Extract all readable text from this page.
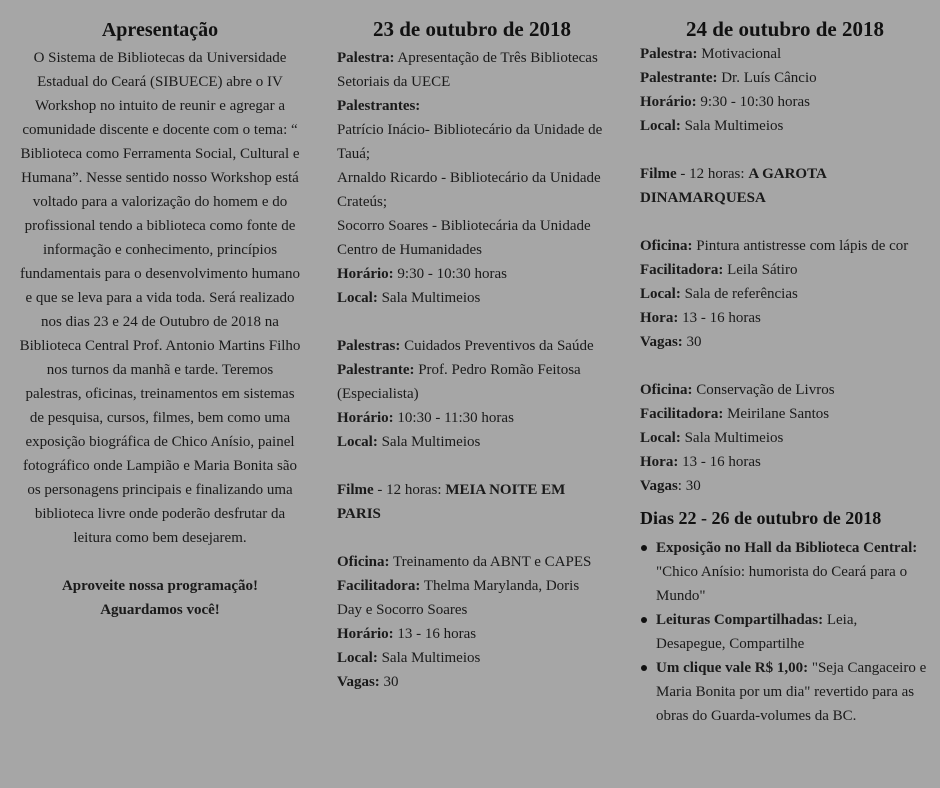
Apresentação

O Sistema de Bibliotecas da Universidade Estadual do Ceará (SIBUECE) abre o IV Workshop no intuito de reunir e agregar a comunidade discente e docente com o tema: “ Biblioteca como Ferramenta Social, Cultural e Humana”. Nesse sentido nosso Workshop está voltado para a valorização do homem e do profissional tendo a biblioteca como fonte de informação e conhecimento, princípios fundamentais para o desenvolvimento humano e que se leva para a vida toda. Será realizado nos dias 23 e 24 de Outubro de 2018 na Biblioteca Central Prof. Antonio Martins Filho nos turnos da manhã e tarde. Teremos palestras, oficinas, treinamentos em sistemas de pesquisa, cursos, filmes, bem como uma exposição biográfica de Chico Anísio, painel fotográfico onde Lampião e Maria Bonita são os personagens principais e finalizando uma biblioteca livre onde poderão desfrutar da leitura como bem desejarem.

Aproveite nossa programação!

Aguardamos você!

23 de outubro de 2018

Palestra: Apresentação de Três Bibliotecas Setoriais da UECE

Palestrantes:

Patrício Inácio- Bibliotecário da Unidade de Tauá;

Arnaldo Ricardo - Bibliotecário da Unidade Crateús;

Socorro Soares - Bibliotecária da Unidade Centro de Humanidades

Horário: 9:30 - 10:30 horas

Local: Sala Multimeios

Palestras: Cuidados Preventivos da Saúde

Palestrante: Prof. Pedro Romão Feitosa (Especialista)

Horário: 10:30 - 11:30 horas

Local: Sala Multimeios

Filme - 12 horas: MEIA NOITE EM PARIS

Oficina: Treinamento da ABNT e CAPES

Facilitadora: Thelma Marylanda, Doris Day e Socorro Soares

Horário: 13 - 16 horas

Local: Sala Multimeios

Vagas: 30

24 de outubro de 2018

Palestra: Motivacional

Palestrante: Dr. Luís Câncio

Horário: 9:30 - 10:30 horas

Local: Sala Multimeios

Filme - 12 horas: A GAROTA DINAMARQUESA

Oficina: Pintura antistresse com lápis de cor

Facilitadora: Leila Sátiro

Local: Sala de referências

Hora: 13 - 16 horas

Vagas: 30

Oficina: Conservação de Livros

Facilitadora: Meirilane Santos

Local: Sala Multimeios

Hora: 13 - 16 horas

Vagas: 30

Dias 22 - 26 de outubro de 2018
Exposição no Hall da Biblioteca Central: "Chico Anísio: humorista do Ceará para o Mundo"
Leituras Compartilhadas: Leia, Desapegue, Compartilhe
Um clique vale R$ 1,00: "Seja Cangaceiro e Maria Bonita por um dia" revertido para as obras do Guarda-volumes da BC.
